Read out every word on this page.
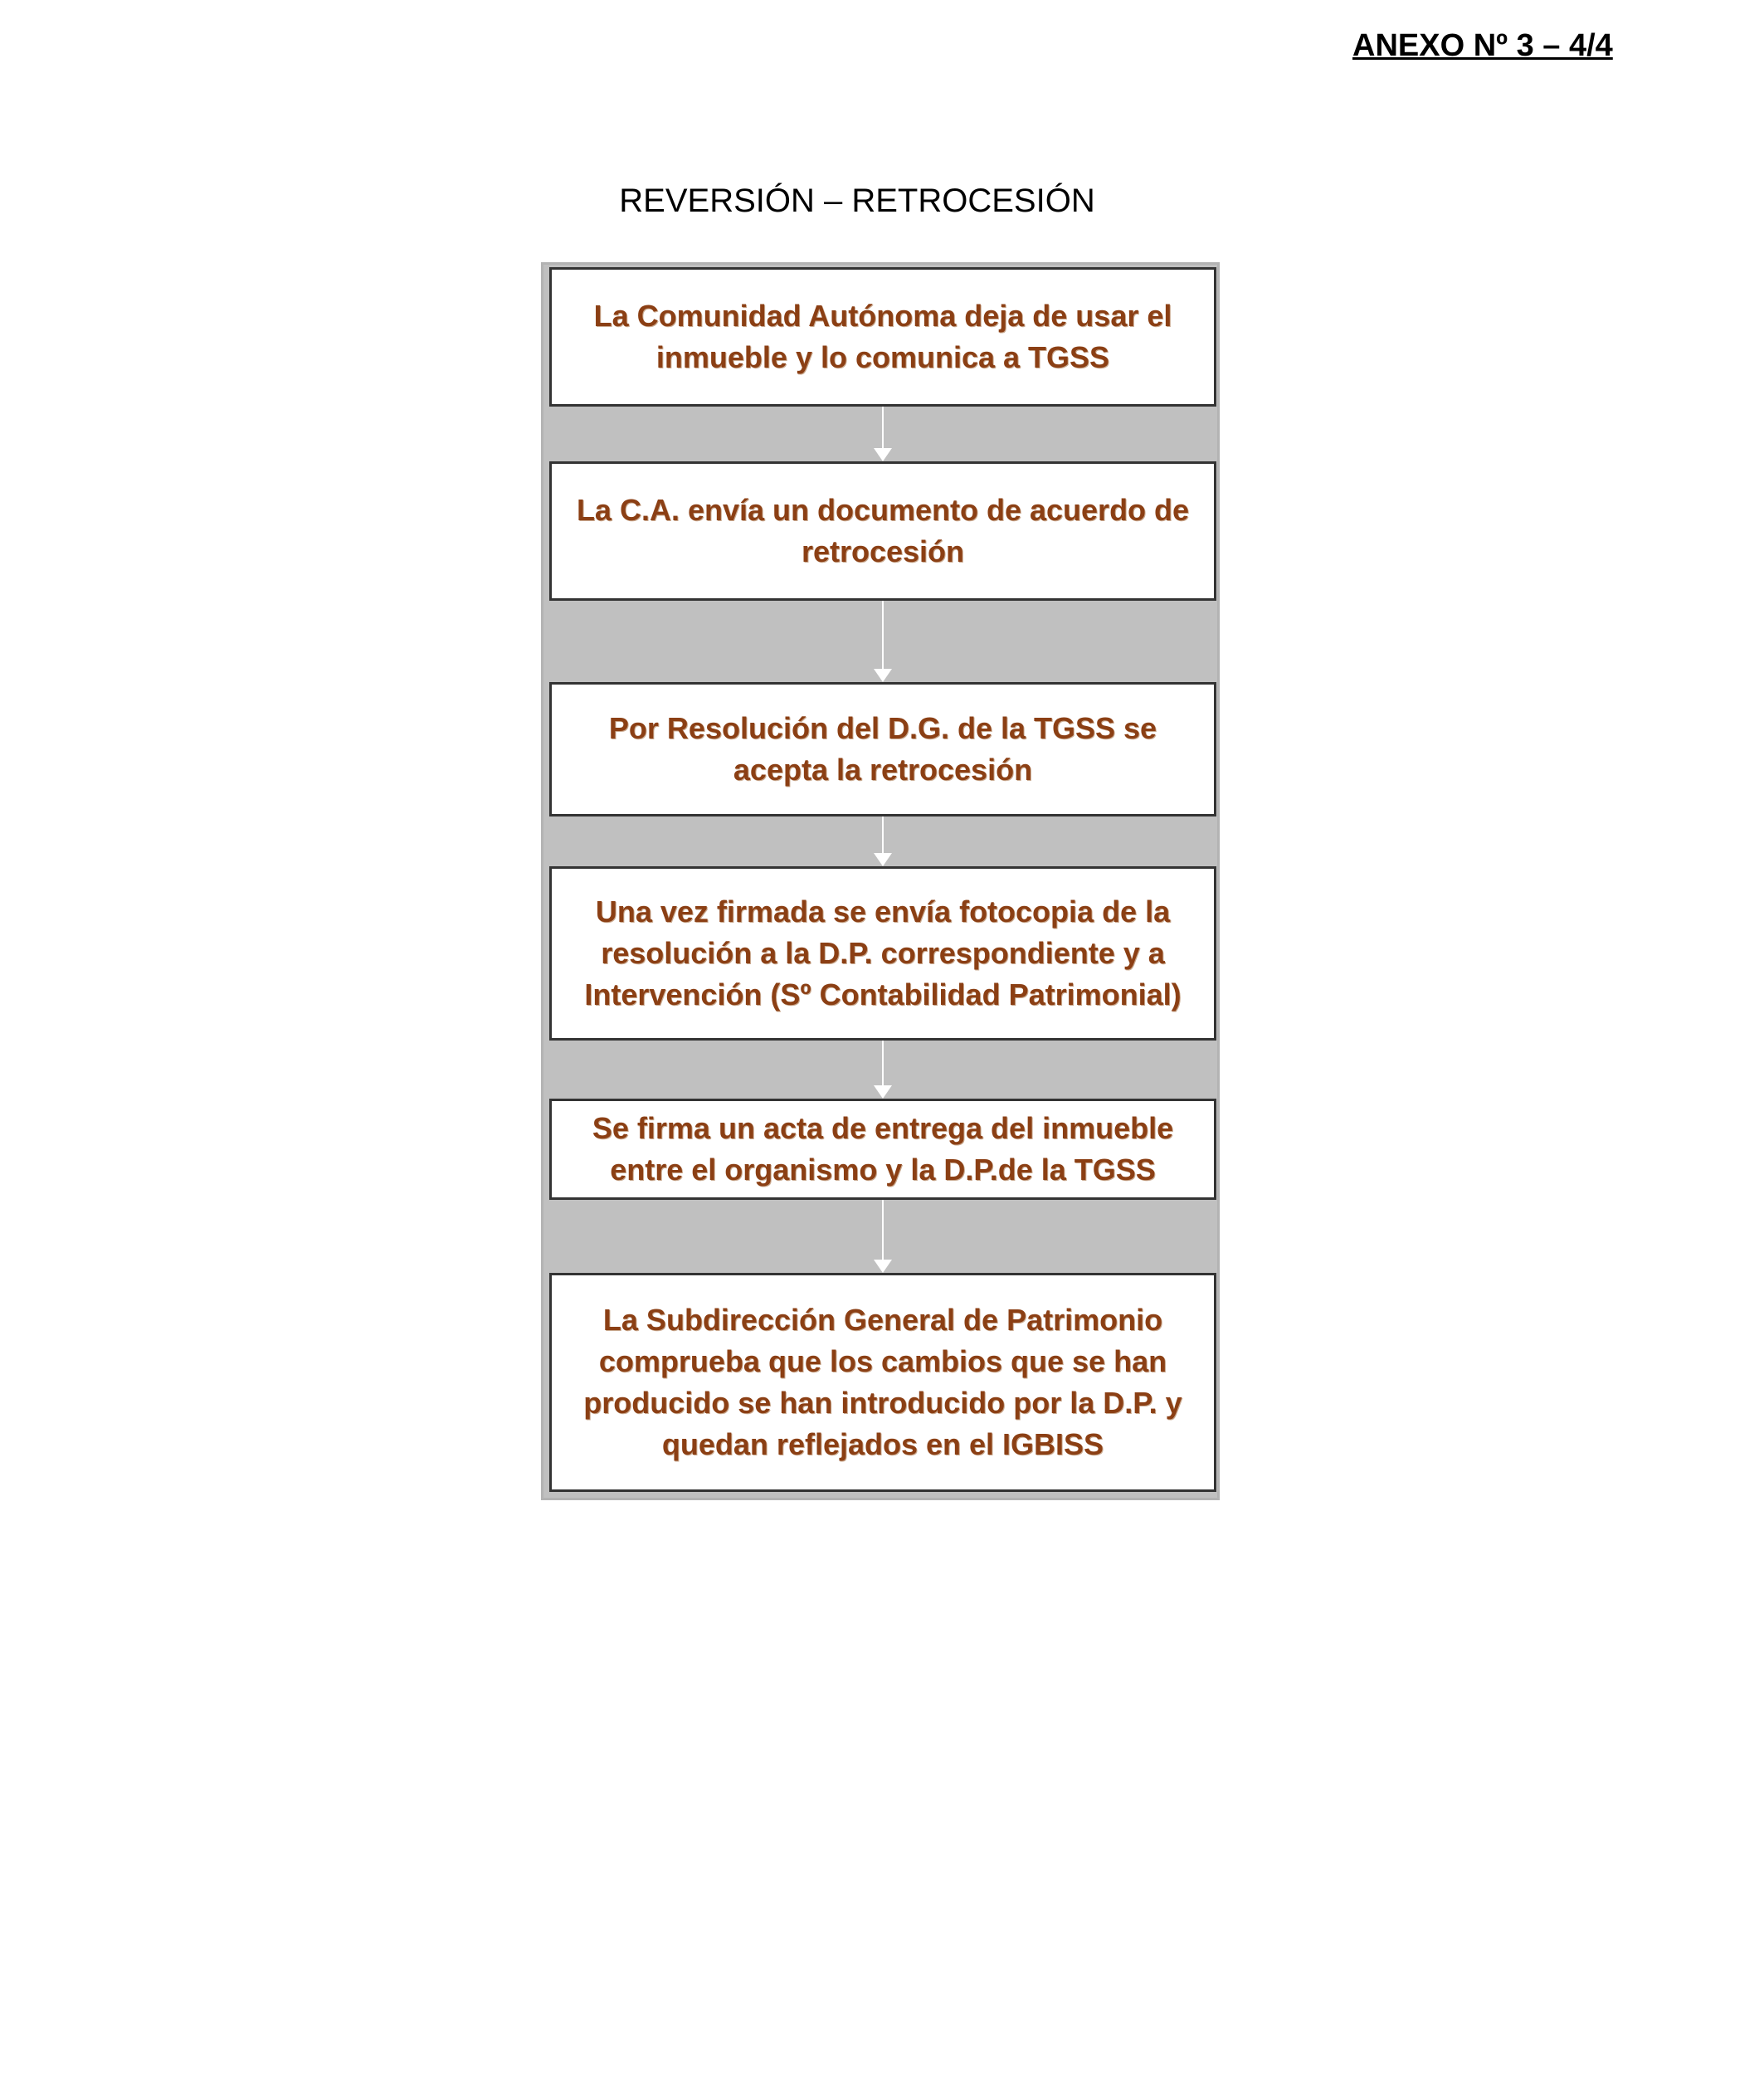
ANEXO Nº 3 – 4/4
REVERSIÓN – RETROCESIÓN
La Comunidad Autónoma deja de usar el inmueble y lo comunica a TGSS
La C.A. envía un documento de acuerdo de retrocesión
Por Resolución del D.G. de la TGSS se acepta la retrocesión
Una vez firmada se envía fotocopia de la resolución a la D.P. correspondiente y a Intervención (Sº Contabilidad Patrimonial)
Se firma un acta de entrega del inmueble entre el organismo y la D.P.de la TGSS
La Subdirección General de Patrimonio comprueba que los cambios que se han producido se han introducido por la D.P. y quedan reflejados en el IGBISS
